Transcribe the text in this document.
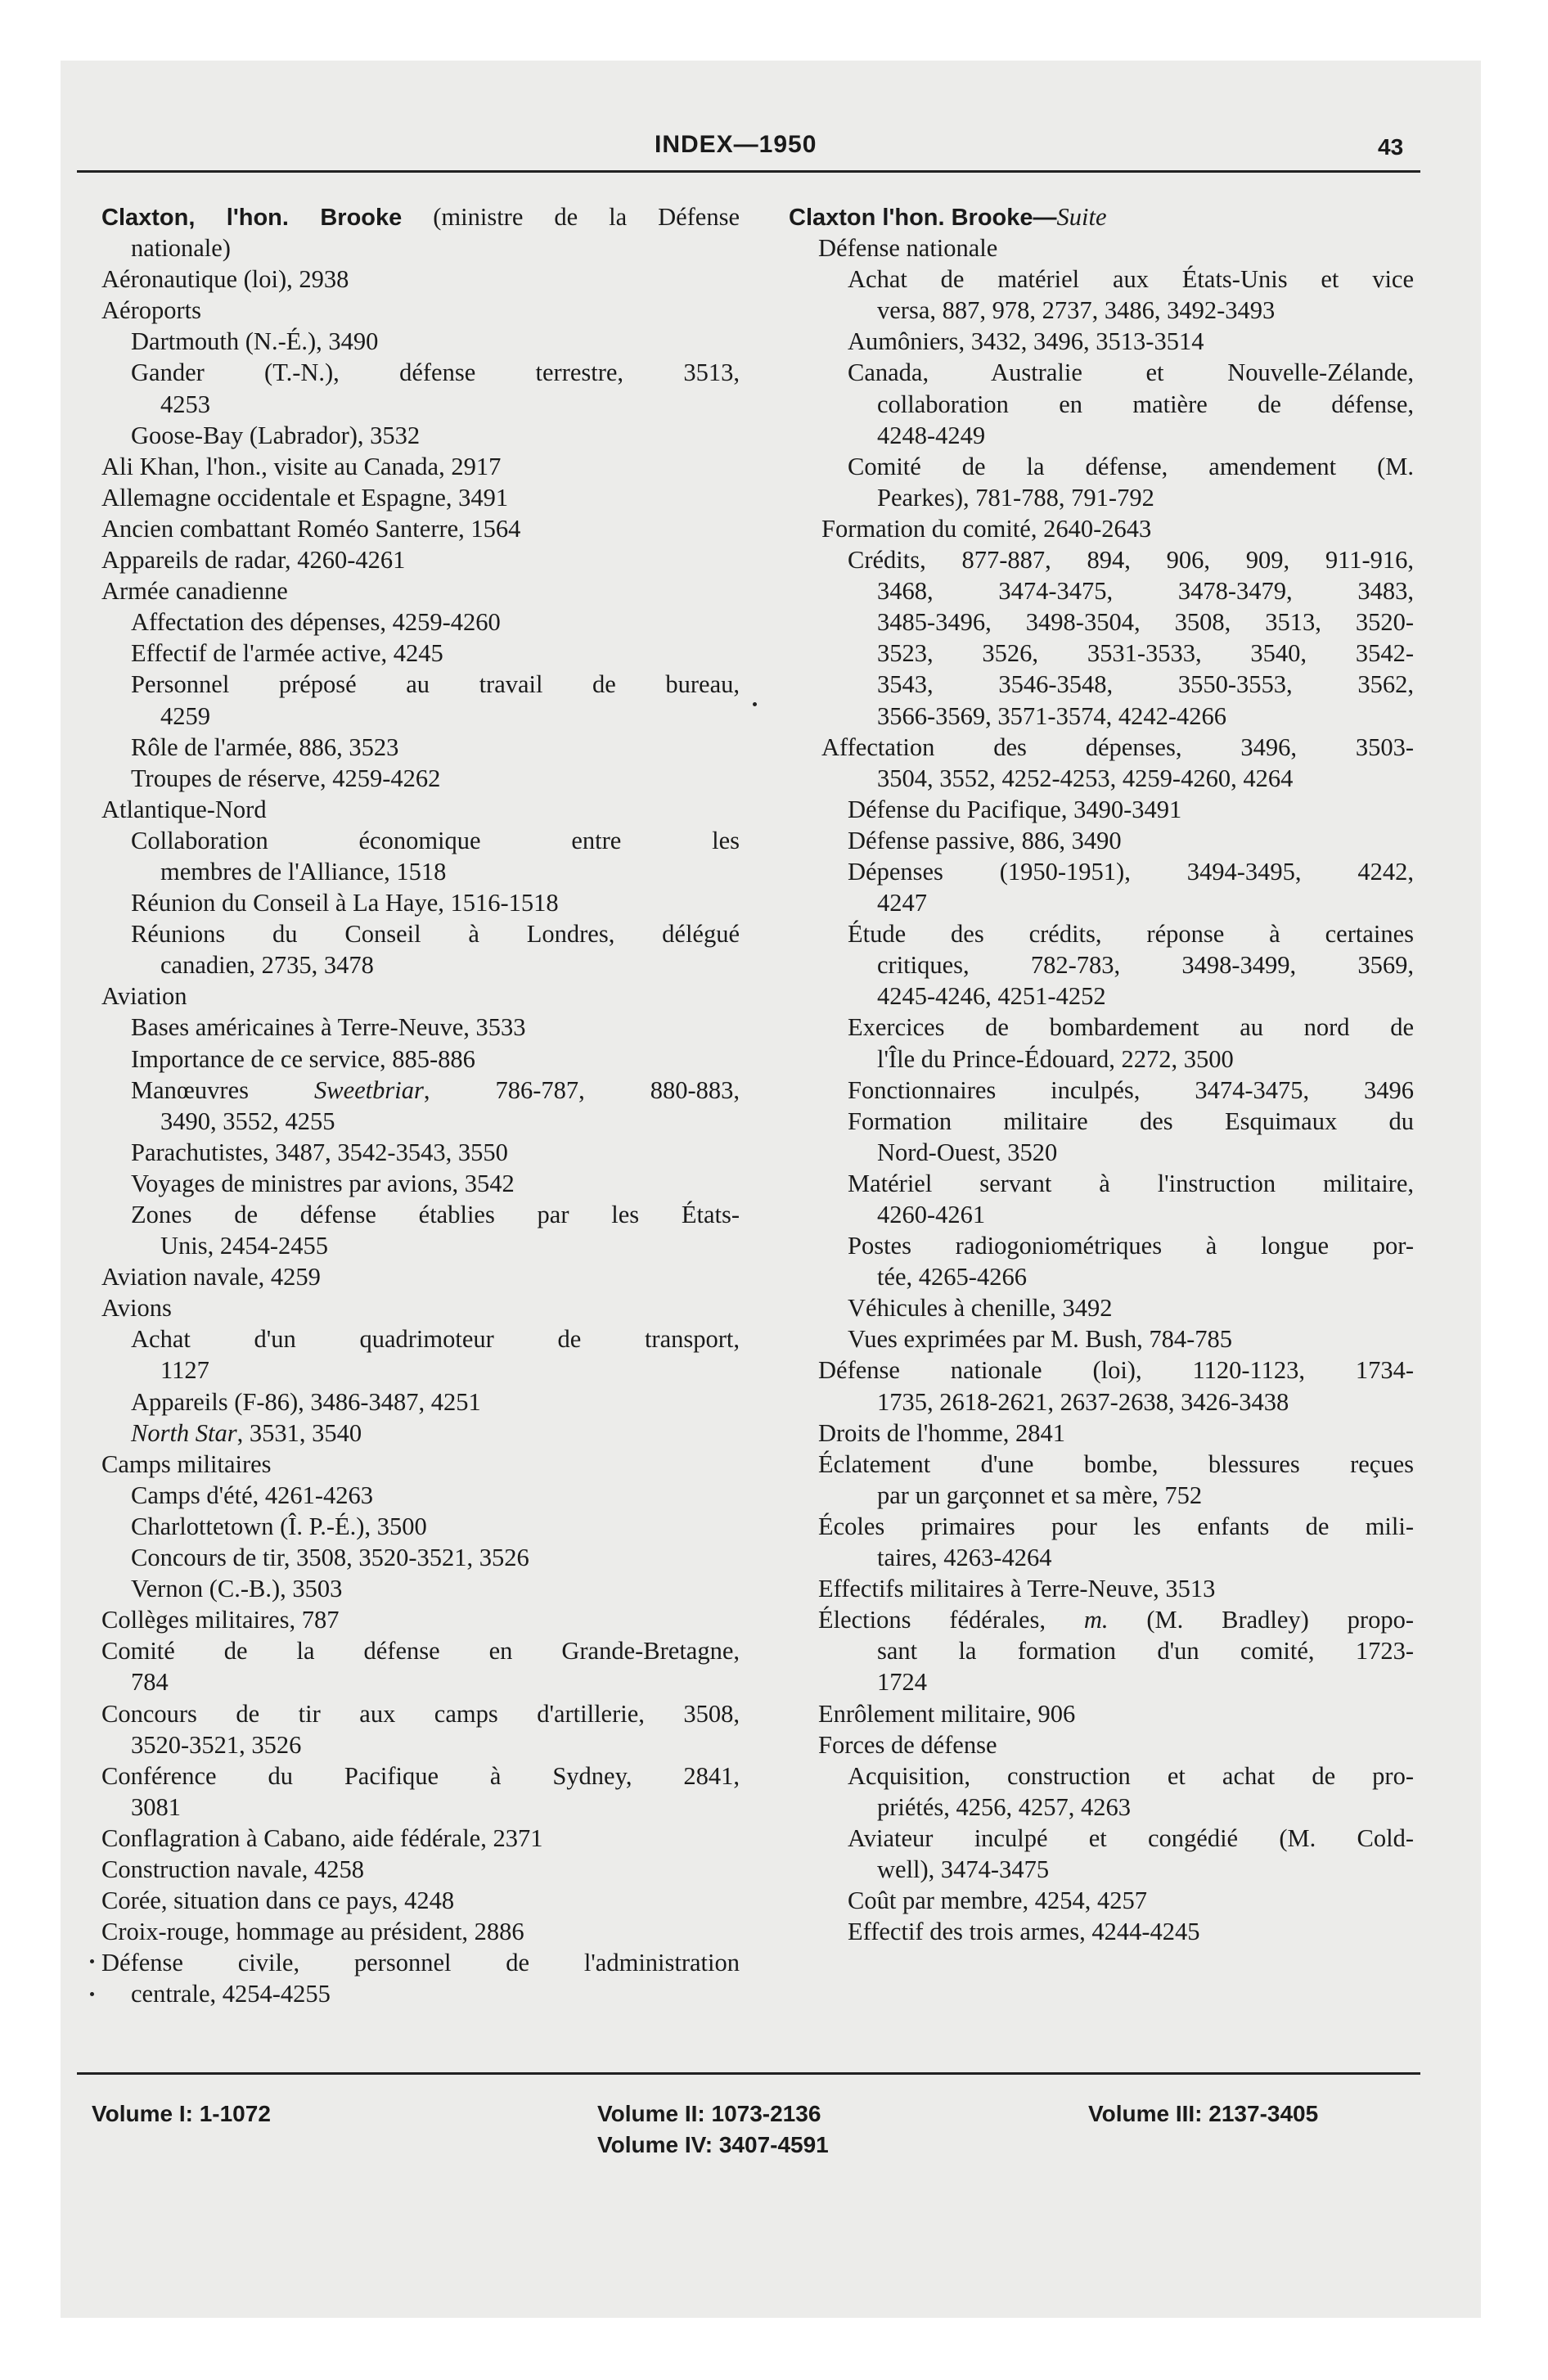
INDEX—1950	43
Claxton, l'hon. Brooke (ministre de la Défense
nationale)
Aéronautique (loi), 2938
Aéroports
Dartmouth (N.-É.), 3490
Gander (T.-N.), défense terrestre, 3513,
4253
Goose-Bay (Labrador), 3532
Ali Khan, l'hon., visite au Canada, 2917
Allemagne occidentale et Espagne, 3491
Ancien combattant Roméo Santerre, 1564
Appareils de radar, 4260-4261
Armée canadienne
Affectation des dépenses, 4259-4260
Effectif de l'armée active, 4245
Personnel préposé au travail de bureau,
4259
Rôle de l'armée, 886, 3523
Troupes de réserve, 4259-4262
Atlantique-Nord
Collaboration économique entre les
membres de l'Alliance, 1518
Réunion du Conseil à La Haye, 1516-1518
Réunions du Conseil à Londres, délégué
canadien, 2735, 3478
Aviation
Bases américaines à Terre-Neuve, 3533
Importance de ce service, 885-886
Manœuvres Sweetbriar, 786-787, 880-883,
3490, 3552, 4255
Parachutistes, 3487, 3542-3543, 3550
Voyages de ministres par avions, 3542
Zones de défense établies par les États-
Unis, 2454-2455
Aviation navale, 4259
Avions
Achat d'un quadrimoteur de transport,
1127
Appareils (F-86), 3486-3487, 4251
North Star, 3531, 3540
Camps militaires
Camps d'été, 4261-4263
Charlottetown (Î. P.-É.), 3500
Concours de tir, 3508, 3520-3521, 3526
Vernon (C.-B.), 3503
Collèges militaires, 787
Comité de la défense en Grande-Bretagne,
784
Concours de tir aux camps d'artillerie, 3508,
3520-3521, 3526
Conférence du Pacifique à Sydney, 2841,
3081
Conflagration à Cabano, aide fédérale, 2371
Construction navale, 4258
Corée, situation dans ce pays, 4248
Croix-rouge, hommage au président, 2886
Défense civile, personnel de l'administration
centrale, 4254-4255
Claxton l'hon. Brooke—Suite
Défense nationale
Achat de matériel aux États-Unis et vice
versa, 887, 978, 2737, 3486, 3492-3493
Aumôniers, 3432, 3496, 3513-3514
Canada, Australie et Nouvelle-Zélande,
collaboration en matière de défense,
4248-4249
Comité de la défense, amendement (M.
Pearkes), 781-788, 791-792
Formation du comité, 2640-2643
Crédits, 877-887, 894, 906, 909, 911-916,
3468, 3474-3475, 3478-3479, 3483,
3485-3496, 3498-3504, 3508, 3513, 3520-
3523, 3526, 3531-3533, 3540, 3542-
3543, 3546-3548, 3550-3553, 3562,
3566-3569, 3571-3574, 4242-4266
Affectation des dépenses, 3496, 3503-
3504, 3552, 4252-4253, 4259-4260, 4264
Défense du Pacifique, 3490-3491
Défense passive, 886, 3490
Dépenses (1950-1951), 3494-3495, 4242,
4247
Étude des crédits, réponse à certaines
critiques, 782-783, 3498-3499, 3569,
4245-4246, 4251-4252
Exercices de bombardement au nord de
l'Île du Prince-Édouard, 2272, 3500
Fonctionnaires inculpés, 3474-3475, 3496
Formation militaire des Esquimaux du
Nord-Ouest, 3520
Matériel servant à l'instruction militaire,
4260-4261
Postes radiogoniométriques à longue por-
tée, 4265-4266
Véhicules à chenille, 3492
Vues exprimées par M. Bush, 784-785
Défense nationale (loi), 1120-1123, 1734-
1735, 2618-2621, 2637-2638, 3426-3438
Droits de l'homme, 2841
Éclatement d'une bombe, blessures reçues
par un garçonnet et sa mère, 752
Écoles primaires pour les enfants de mili-
taires, 4263-4264
Effectifs militaires à Terre-Neuve, 3513
Élections fédérales, m. (M. Bradley) propo-
sant la formation d'un comité, 1723-
1724
Enrôlement militaire, 906
Forces de défense
Acquisition, construction et achat de pro-
priétés, 4256, 4257, 4263
Aviateur inculpé et congédié (M. Cold-
well), 3474-3475
Coût par membre, 4254, 4257
Effectif des trois armes, 4244-4245
Volume I: 1-1072	Volume II: 1073-2136
Volume IV: 3407-4591
Volume III: 2137-3405
